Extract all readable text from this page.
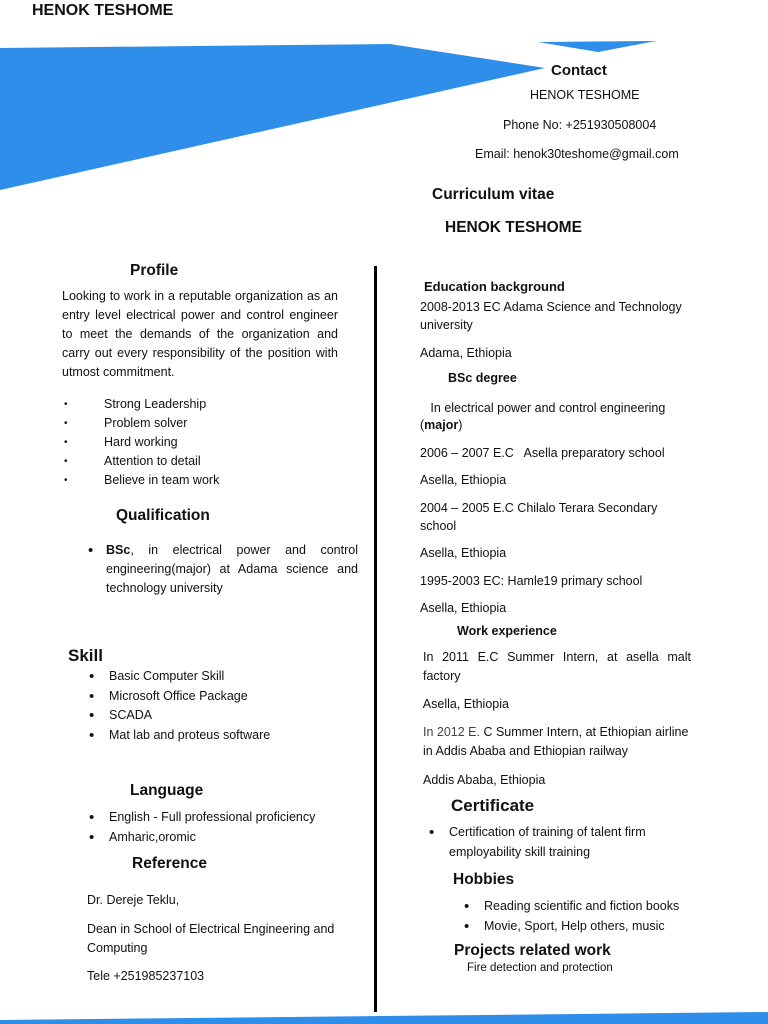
HENOK TESHOME
Contact
HENOK TESHOME
Phone No: +251930508004
Email: henok30teshome@gmail.com
Curriculum vitae
HENOK TESHOME
Profile
Looking to work in a reputable organization as an entry level electrical power and control engineer to meet the demands of the organization and carry out every responsibility of the position with utmost commitment.
• Strong Leadership
• Problem solver
• Hard working
• Attention to detail
• Believe in team work
Qualification
• BSc, in electrical power and control engineering(major) at Adama science and technology university
Skill
• Basic Computer Skill
• Microsoft Office Package
• SCADA
• Mat lab and proteus software
Language
• English - Full professional proficiency
• Amharic,oromic
Reference
Dr. Dereje Teklu,
Dean in School of Electrical Engineering and
Computing
Tele +251985237103
Education background
2008-2013 EC Adama Science and Technology
university
Adama, Ethiopia
BSc degree
In electrical power and control engineering
(major)
2006 – 2007 E.C   Asella preparatory school
Asella, Ethiopia
2004 – 2005 E.C Chilalo Terara Secondary
school
Asella, Ethiopia
1995-2003 EC: Hamle19 primary school
Asella, Ethiopia
Work experience
In 2011 E.C Summer Intern, at asella malt factory
Asella, Ethiopia
In 2012 E. C Summer Intern, at Ethiopian airline in Addis Ababa and Ethiopian railway
Addis Ababa, Ethiopia
Certificate
• Certification of training of talent firm employability skill training
Hobbies
• Reading scientific and fiction books
• Movie, Sport, Help others, music
Projects related work
Fire detection and protection
